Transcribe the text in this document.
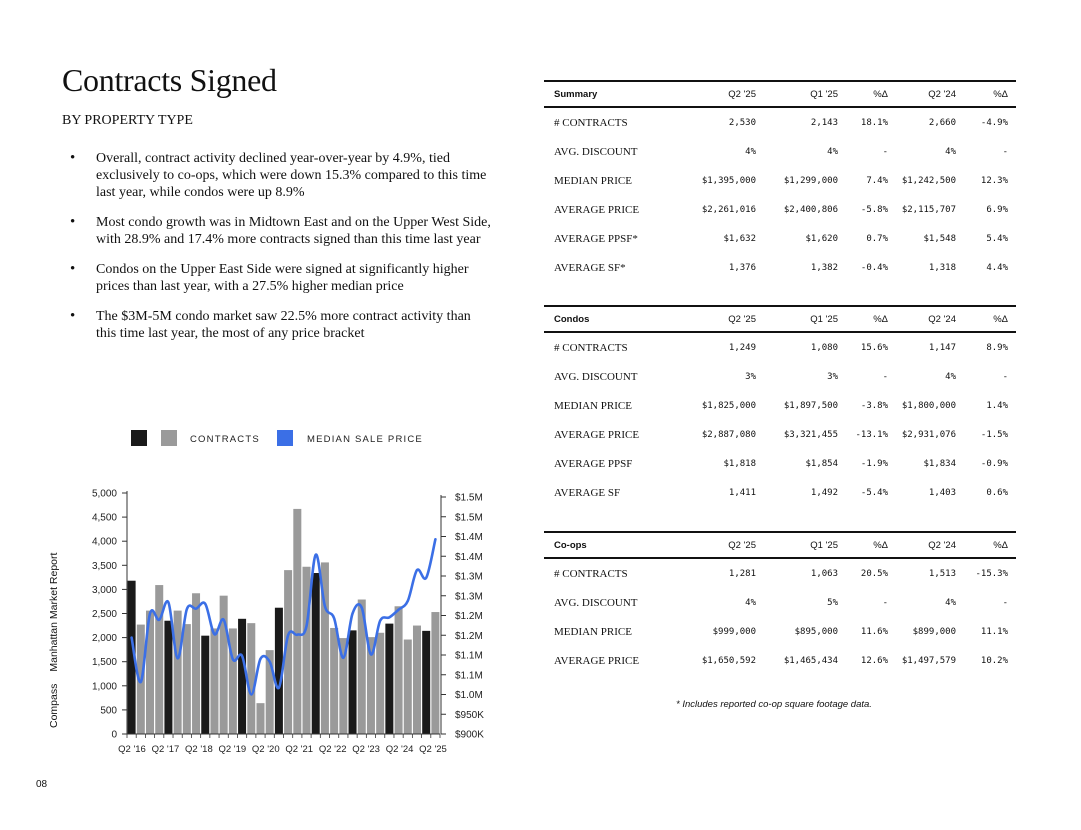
Contracts Signed
BY PROPERTY TYPE
• Overall, contract activity declined year-over-year by 4.9%, tied exclusively to co-ops, which were down 15.3% compared to this time last year, while condos were up 8.9%
• Most condo growth was in Midtown East and on the Upper West Side, with 28.9% and 17.4% more contracts signed than this time last year
• Condos on the Upper East Side were signed at significantly higher prices than last year, with a 27.5% higher median price
• The $3M-5M condo market saw 22.5% more contract activity than this time last year, the most of any price bracket
CONTRACTS	MEDIAN SALE PRICE
0
500
1,000
1,500
2,000
2,500
3,000
3,500
4,000
4,500
5,000
Q2 '16 Q2 '17 Q2 '18 Q2 '19 Q2 '20 Q2 '21 Q2 '22 Q2 '23 Q2 '24 Q2 '25
$900K
$950K
$1.0M
$1.1M
$1.1M
$1.2M
$1.2M
$1.3M
$1.3M
$1.4M
$1.4M
$1.5M
$1.5M
CompassManhattan Market Report
08
Summary	Q2 '25	Q1 '25	%Δ	Q2 '24	%Δ
# CONTRACTS	2,530	2,143	18.1%	2,660	-4.9%
AVG. DISCOUNT	4%	4%	-	4%	-
MEDIAN PRICE	$1,395,000	$1,299,000	7.4%	$1,242,500	12.3%
AVERAGE PRICE	$2,261,016	$2,400,806	-5.8%	$2,115,707	6.9%
AVERAGE PPSF*	$1,632	$1,620	0.7%	$1,548	5.4%
AVERAGE SF*	1,376	1,382	-0.4%	1,318	4.4%
Condos	Q2 '25	Q1 '25	%Δ	Q2 '24	%Δ
# CONTRACTS	1,249	1,080	15.6%	1,147	8.9%
AVG. DISCOUNT	3%	3%	-	4%	-
MEDIAN PRICE	$1,825,000	$1,897,500	-3.8%	$1,800,000	1.4%
AVERAGE PRICE	$2,887,080	$3,321,455	-13.1%	$2,931,076	-1.5%
AVERAGE PPSF	$1,818	$1,854	-1.9%	$1,834	-0.9%
AVERAGE SF	1,411	1,492	-5.4%	1,403	0.6%
Co-ops	Q2 '25	Q1 '25	%Δ	Q2 '24	%Δ
# CONTRACTS	1,281	1,063	20.5%	1,513	-15.3%
AVG. DISCOUNT	4%	5%	-	4%	-
MEDIAN PRICE	$999,000	$895,000	11.6%	$899,000	11.1%
AVERAGE PRICE	$1,650,592	$1,465,434	12.6%	$1,497,579	10.2%
* Includes reported co-op square footage data.
